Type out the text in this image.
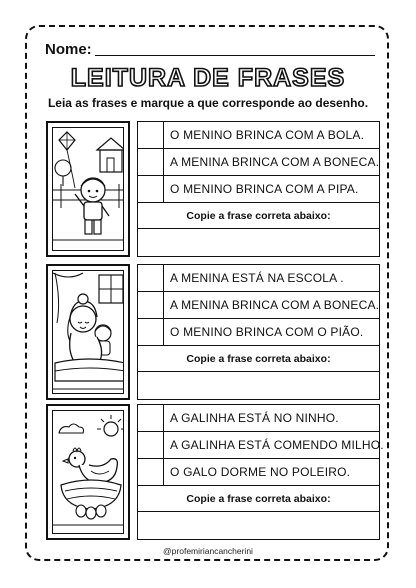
Nome:
LEITURA DE FRASES
Leia as frases e marque a que corresponde ao desenho.
O MENINO BRINCA COM A BOLA.
A MENINA BRINCA COM A BONECA.
O MENINO BRINCA COM A PIPA.
Copie a frase correta abaixo:
A MENINA ESTÁ NA ESCOLA .
A MENINA BRINCA COM A BONECA.
O MENINO BRINCA COM O PIÃO.
Copie a frase correta abaixo:
A GALINHA ESTÁ NO NINHO.
A GALINHA ESTÁ COMENDO MILHO.
O GALO DORME NO POLEIRO.
Copie a frase correta abaixo:
@profemiriancancherini
